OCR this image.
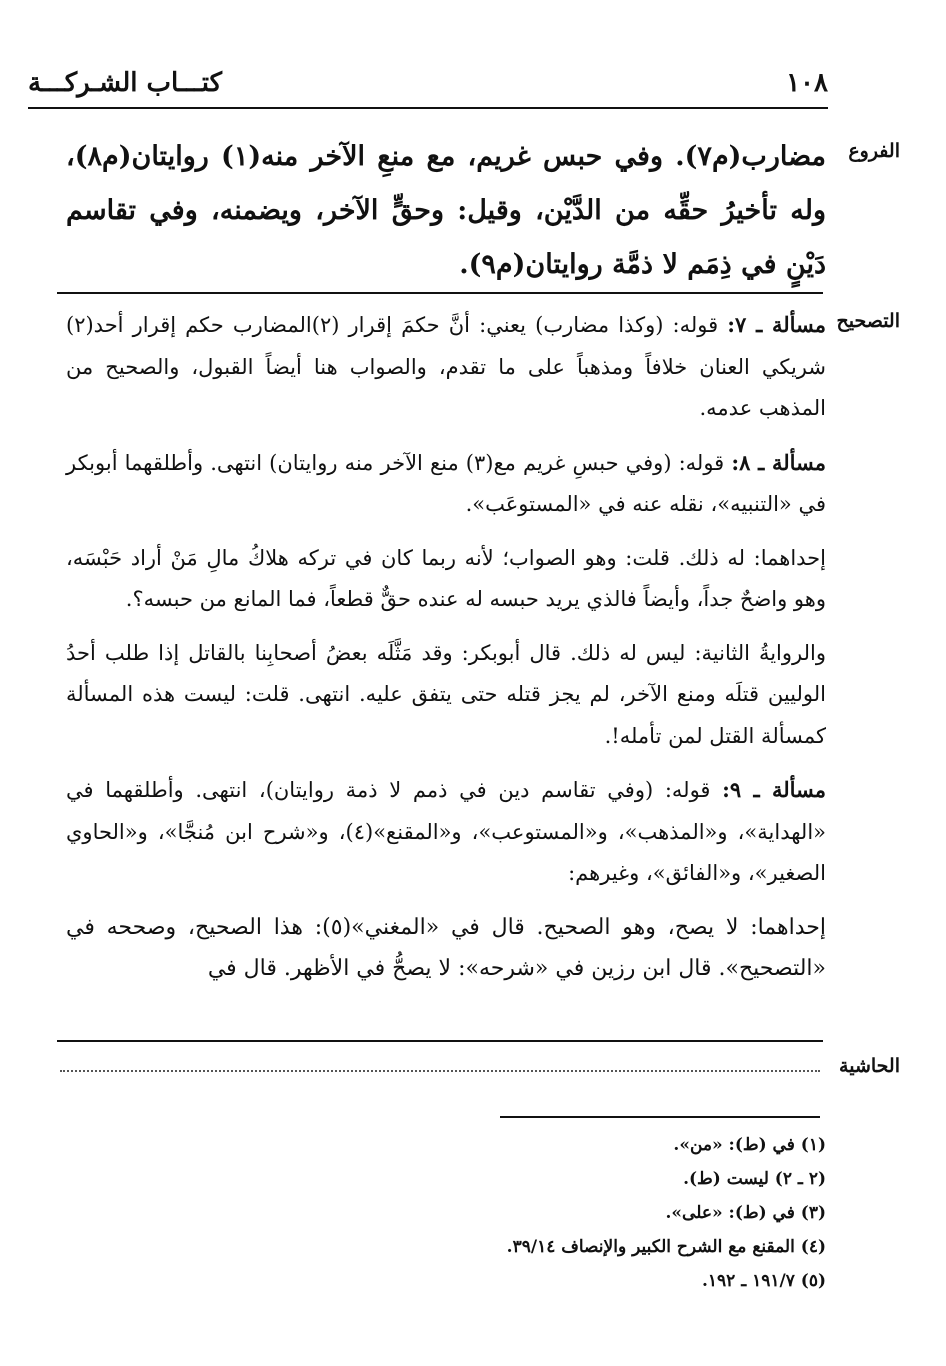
كتـــاب الشـركـــة	١٠٨
الفروع
مضارب(م٧). وفي حبس غريم، مع منعِ الآخر منه(١) روايتان(م٨)، وله تأخيرُ حقِّه من الدَّيْن، وقيل: وحقٍّ الآخر، ويضمنه، وفي تقاسم دَيْنٍ في ذِمَم لا ذمَّة روايتان(م٩).
التصحيح

مسألة ـ ٧: قوله: (وكذا مضارب) يعني: أنَّ حكمَ إقرار (٢)المضارب حكم إقرار أحد(٢) شريكي العنان خلافاً ومذهباً على ما تقدم، والصواب هنا أيضاً القبول، والصحيح من المذهب عدمه.

مسألة ـ ٨: قوله: (وفي حبسِ غريم مع(٣) منع الآخر منه روايتان) انتهى. وأطلقهما أبوبكر في «التنبيه»، نقله عنه في «المستوعَب».

إحداهما: له ذلك. قلت: وهو الصواب؛ لأنه ربما كان في تركه هلاكُ مالِ مَنْ أراد حَبْسَه، وهو واضحٌ جداً، وأيضاً فالذي يريد حبسه له عنده حقٌّ قطعاً، فما المانع من حبسه؟.

والروايةُ الثانية: ليس له ذلك. قال أبوبكر: وقد مَثَّلَه بعضُ أصحابِنا بالقاتل إذا طلب أحدُ الوليين قتلَه ومنع الآخر، لم يجز قتله حتى يتفق عليه. انتهى. قلت: ليست هذه المسألة كمسألة القتل لمن تأمله!.

مسألة ـ ٩: قوله: (وفي تقاسم دين في ذمم لا ذمة روايتان)، انتهى. وأطلقهما في «الهداية»، و«المذهب»، و«المستوعب»، و«المقنع»(٤)، و«شرح ابن مُنجَّا»، و«الحاوي الصغير»، و«الفائق»، وغيرهم:

إحداهما: لا يصح، وهو الصحيح. قال في «المغني»(٥): هذا الصحيح، وصححه في «التصحيح». قال ابن رزين في «شرحه»: لا يصحُّ في الأظهر. قال في

الحاشية
(١) في (ط): «من».
(٢ ـ ٢) ليست (ط).
(٣) في (ط): «على».
(٤) المقنع مع الشرح الكبير والإنصاف ٣٩/١٤.
(٥) ١٩١/٧ ـ ١٩٢.
